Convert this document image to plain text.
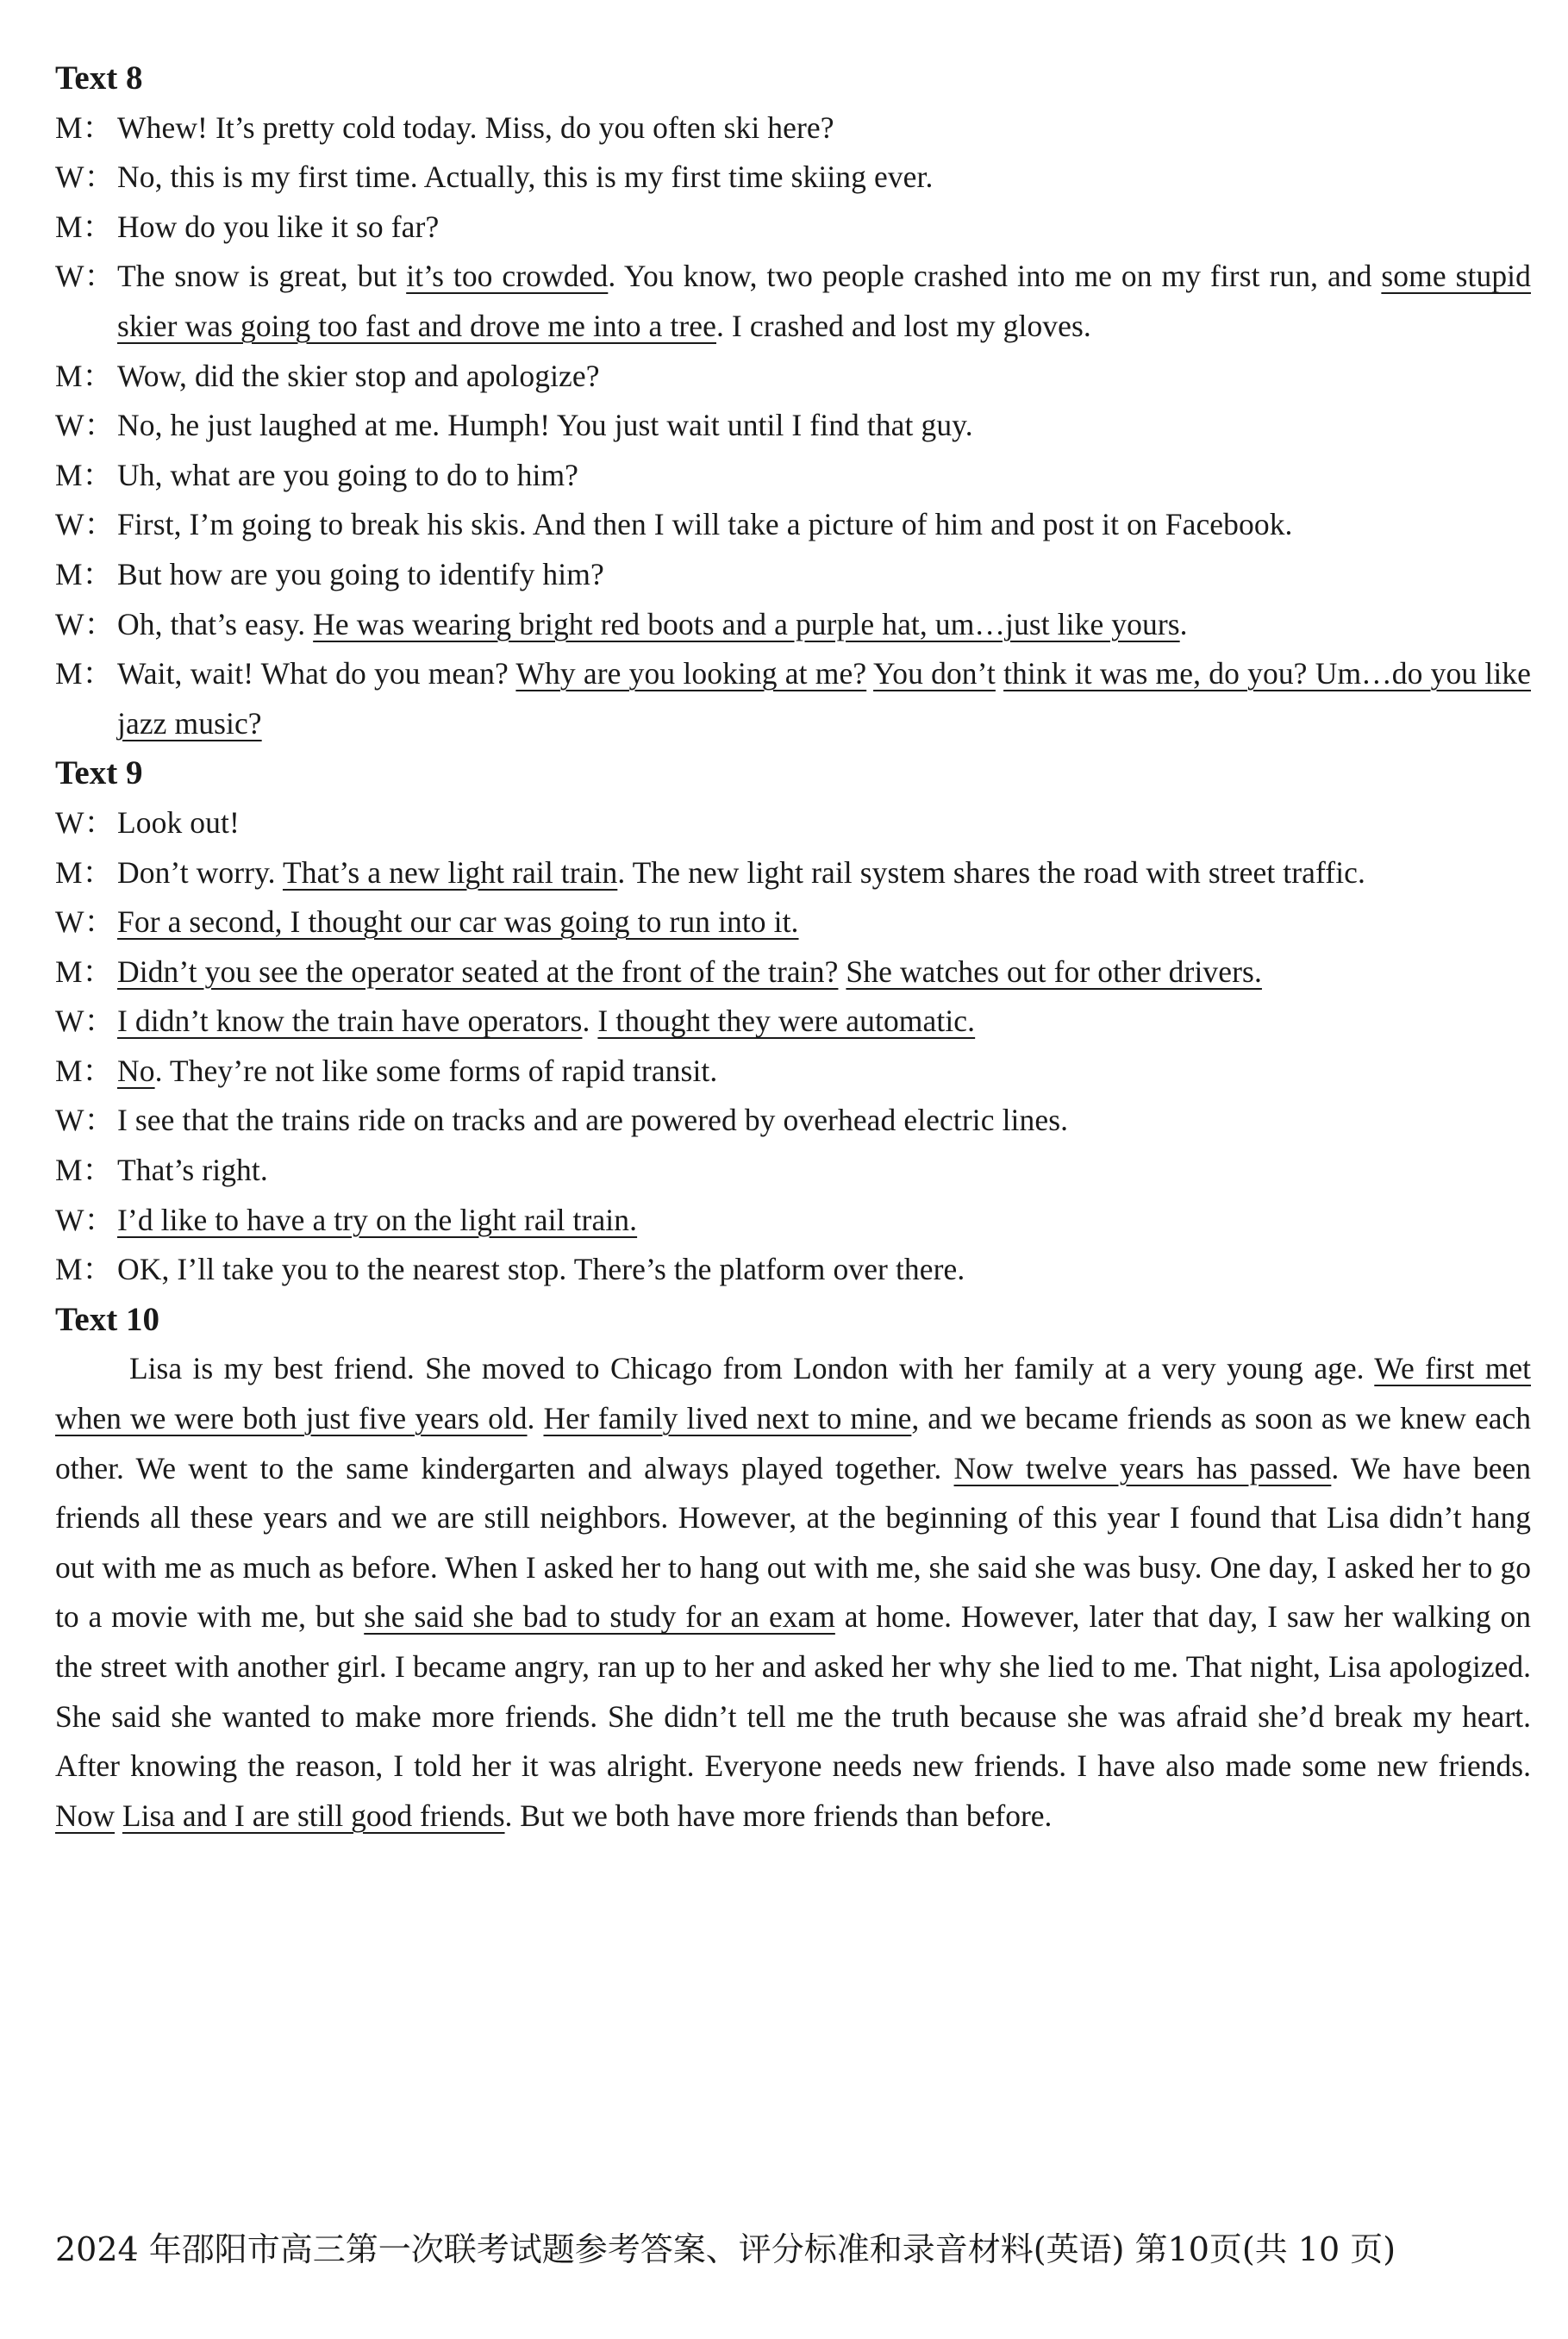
Text 8
M： Whew! It’s pretty cold today. Miss, do you often ski here?
W： No, this is my first time. Actually, this is my first time skiing ever.
M： How do you like it so far?
W： The snow is great, but it’s too crowded. You know, two people crashed into me on my first run, and some stupid skier was going too fast and drove me into a tree. I crashed and lost my gloves.
M： Wow, did the skier stop and apologize?
W： No, he just laughed at me. Humph! You just wait until I find that guy.
M： Uh, what are you going to do to him?
W： First, I’m going to break his skis. And then I will take a picture of him and post it on Facebook.
M： But how are you going to identify him?
W： Oh, that’s easy. He was wearing bright red boots and a purple hat, um…just like yours.
M： Wait, wait! What do you mean? Why are you looking at me? You don’t think it was me, do you? Um…do you like jazz music?
Text 9
W： Look out!
M： Don’t worry. That’s a new light rail train. The new light rail system shares the road with street traffic.
W： For a second, I thought our car was going to run into it.
M： Didn’t you see the operator seated at the front of the train? She watches out for other drivers.
W： I didn’t know the train have operators. I thought they were automatic.
M： No. They’re not like some forms of rapid transit.
W： I see that the trains ride on tracks and are powered by overhead electric lines.
M： That’s right.
W： I’d like to have a try on the light rail train.
M： OK, I’ll take you to the nearest stop. There’s the platform over there.
Text 10
Lisa is my best friend. She moved to Chicago from London with her family at a very young age. We first met when we were both just five years old. Her family lived next to mine, and we became friends as soon as we knew each other. We went to the same kindergarten and always played together. Now twelve years has passed. We have been friends all these years and we are still neighbors. However, at the beginning of this year I found that Lisa didn’t hang out with me as much as before. When I asked her to hang out with me, she said she was busy. One day, I asked her to go to a movie with me, but she said she bad to study for an exam at home. However, later that day, I saw her walking on the street with another girl. I became angry, ran up to her and asked her why she lied to me. That night, Lisa apologized. She said she wanted to make more friends. She didn’t tell me the truth because she was afraid she’d break my heart. After knowing the reason, I told her it was alright. Everyone needs new friends. I have also made some new friends. Now Lisa and I are still good friends. But we both have more friends than before.
2024 年邵阳市高三第一次联考试题参考答案、评分标准和录音材料(英语) 第10页(共 10 页)
